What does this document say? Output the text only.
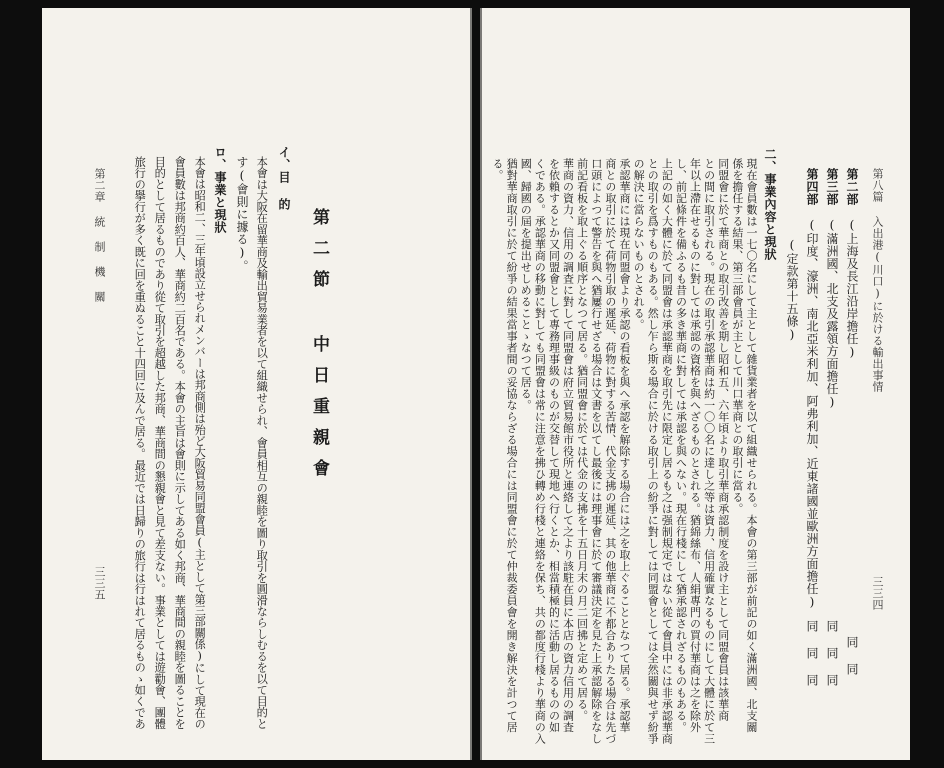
第二章 統 制 機 關
三三五 旅行の擧行が多く既に回を重ぬること十四回に及んで居る。最近では日歸りの旅行は行はれて居るものゝ如くであ 目的として居るものであり從て取引を超越した邦商、華商間の懇親會と見て差支ない。事業としては遊勸會、團體 會員數は邦商約百人、華商約二百名である。本會の主旨は會則に示してある如く邦商、華商間の親睦を圖ることを 本會は昭和二、三年頃設立せられメンバーは邦商側は殆ど大阪貿易同盟會員(主として第三部關係)にして現在の ロ、事業と現狀 す(會則に據る)。 本會は大阪在留華商及輸出貿易業者を以て組織せられ、會員相互の親睦を圖り取引を圓滑ならしむるを以て目的と イ、目 的
第二節 中日重親會	第八篇 入出港(川口)に於ける輸出事情
三三四
第二部
(上海及長江沿岸擔任)
同 同
第三部
(滿洲國、北支及露領方面擔任)
同 同 同
第四部
(印度、濠洲、南北亞米利加、阿弗利加、近東諸國並歐洲方面擔任)
同 同 同
(定款第十五條)
二、事業內容と現狀
現在會員數は一七〇名にして主として雜貨業者を以て組織せられる。本會の第三部が前記の如く滿洲國、北支關
係を擔任する結果、第三部會員が主として川口華商との取引に當る。
同盟會に於て華商との取引改善を期し昭和五、六年頃より取引華商承認制度を設け主として同盟會員は該華商
との間に取引される。現在の取引承認華商は約一〇〇名に達し之等は資力、信用確實なるものにして大體に於て三
年以上滯在せるものに對しては承認の資格を與へざるものとされる。猶綿絲布、人絹專門の買付華商は之を除外
し、前記條件を備ふるも昔の多き華商に對しては承認を與へない。現在行棧にして猶承認されざるものもある。
上記の如く大體に於て同盟會は承認華商を取引先に限定し居るも之は强制規定ではない從て會員中には非承認華商
との取引を爲すものもある。然し乍ら斯る場合に於ける取引上の紛爭に對しては同盟會としては全然關與せず紛爭
の解決に當らないものとされる。
承認華商には現在同盟會より承認の看板を與へ承認を解除する場合には之を取上ぐることとなつて居る。承認華
商との取引に於て荷物引取の遲延、荷物に對する苦情、代金支拂の遲延、其の他華商に不都合ありたる場合は先づ
口頭によつて警告を與へ猶屢行せざる場合は文書を以てし最後には理事會に於て審議決定を見た上承認解除をなし
前記看板を取上ぐる順序となつて居る。猶同盟會に於ては代金の支拂を十五日月末の月二回拂と定めて居る。
華商の資力、信用の調査に對して同盟會は府立貿易館市役所と連絡して之より該駐在員に本店の資力信用の調査
を依賴するとか又同盟會として專務理事級のものが交替して現地へ行くとか、相當積極的に活動し居るものの如
くである。承認華商の移動に對しても同盟會は常に注意を拂ひ轉め行棧と連絡を保ち、共の都度行棧より華商の入
國、歸國の屆を提出せしめることゝなつて居る。
猶對華商取引に於て紛爭の結果當事者間の妥協ならざる場合には同盟會に於て仲裁委員會を開き解決を計つて居
る。
